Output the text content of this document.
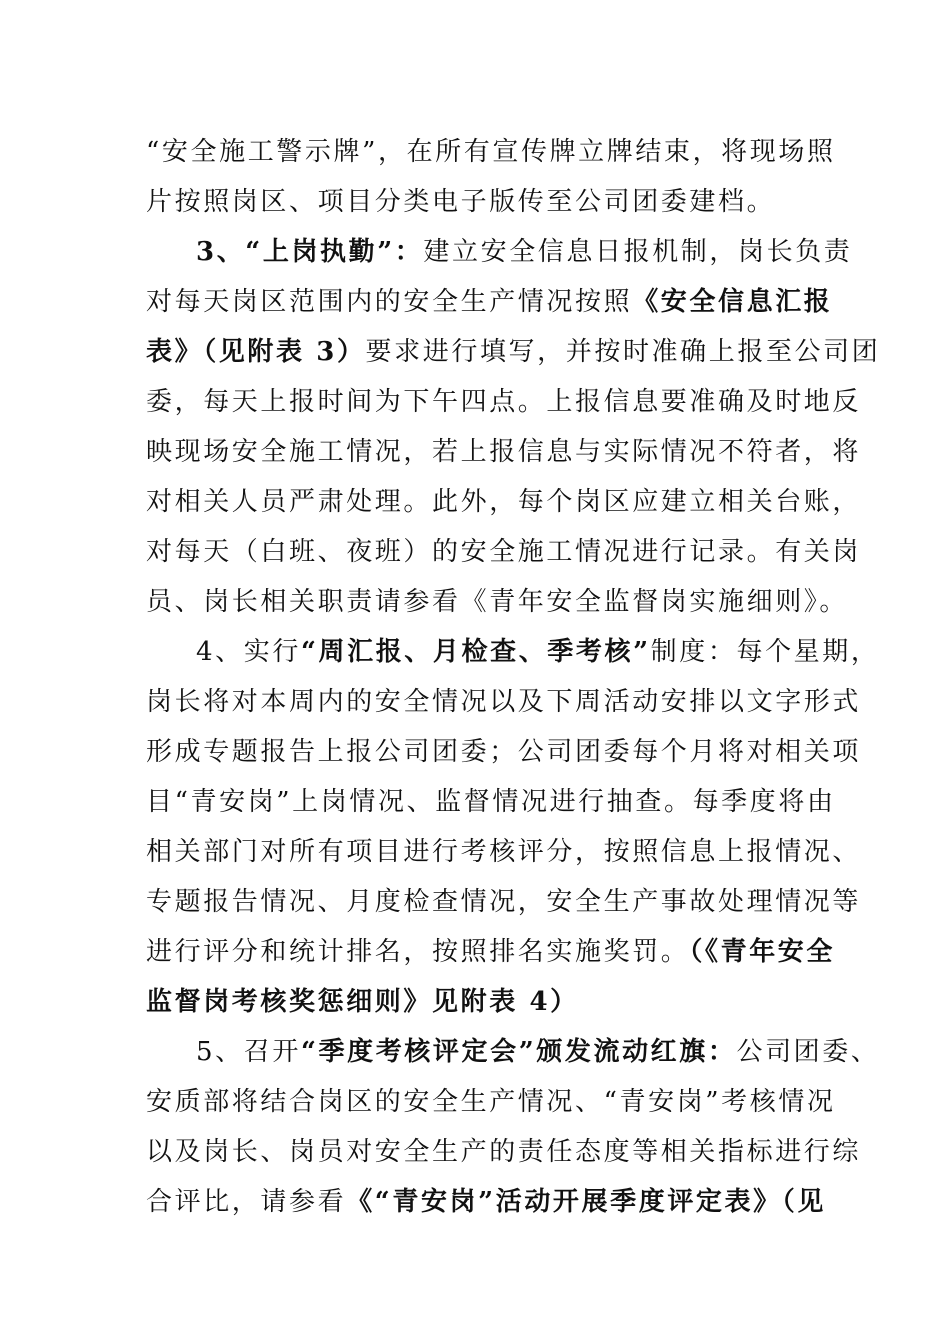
“安全施工警示牌”，在所有宣传牌立牌结束，将现场照
片按照岗区、项目分类电子版传至公司团委建档。
3、“上岗执勤”：建立安全信息日报机制，岗长负责
对每天岗区范围内的安全生产情况按照《安全信息汇报
表》（见附表 3）要求进行填写，并按时准确上报至公司团
委，每天上报时间为下午四点。上报信息要准确及时地反
映现场安全施工情况，若上报信息与实际情况不符者，将
对相关人员严肃处理。此外，每个岗区应建立相关台账，
对每天（白班、夜班）的安全施工情况进行记录。有关岗
员、岗长相关职责请参看《青年安全监督岗实施细则》。
4、实行“周汇报、月检查、季考核”制度：每个星期，
岗长将对本周内的安全情况以及下周活动安排以文字形式
形成专题报告上报公司团委；公司团委每个月将对相关项
目“青安岗”上岗情况、监督情况进行抽查。每季度将由
相关部门对所有项目进行考核评分，按照信息上报情况、
专题报告情况、月度检查情况，安全生产事故处理情况等
进行评分和统计排名，按照排名实施奖罚。（《青年安全
监督岗考核奖惩细则》见附表 4）
5、召开“季度考核评定会”颁发流动红旗：公司团委、
安质部将结合岗区的安全生产情况、“青安岗”考核情况
以及岗长、岗员对安全生产的责任态度等相关指标进行综
合评比，请参看《“青安岗”活动开展季度评定表》（见
